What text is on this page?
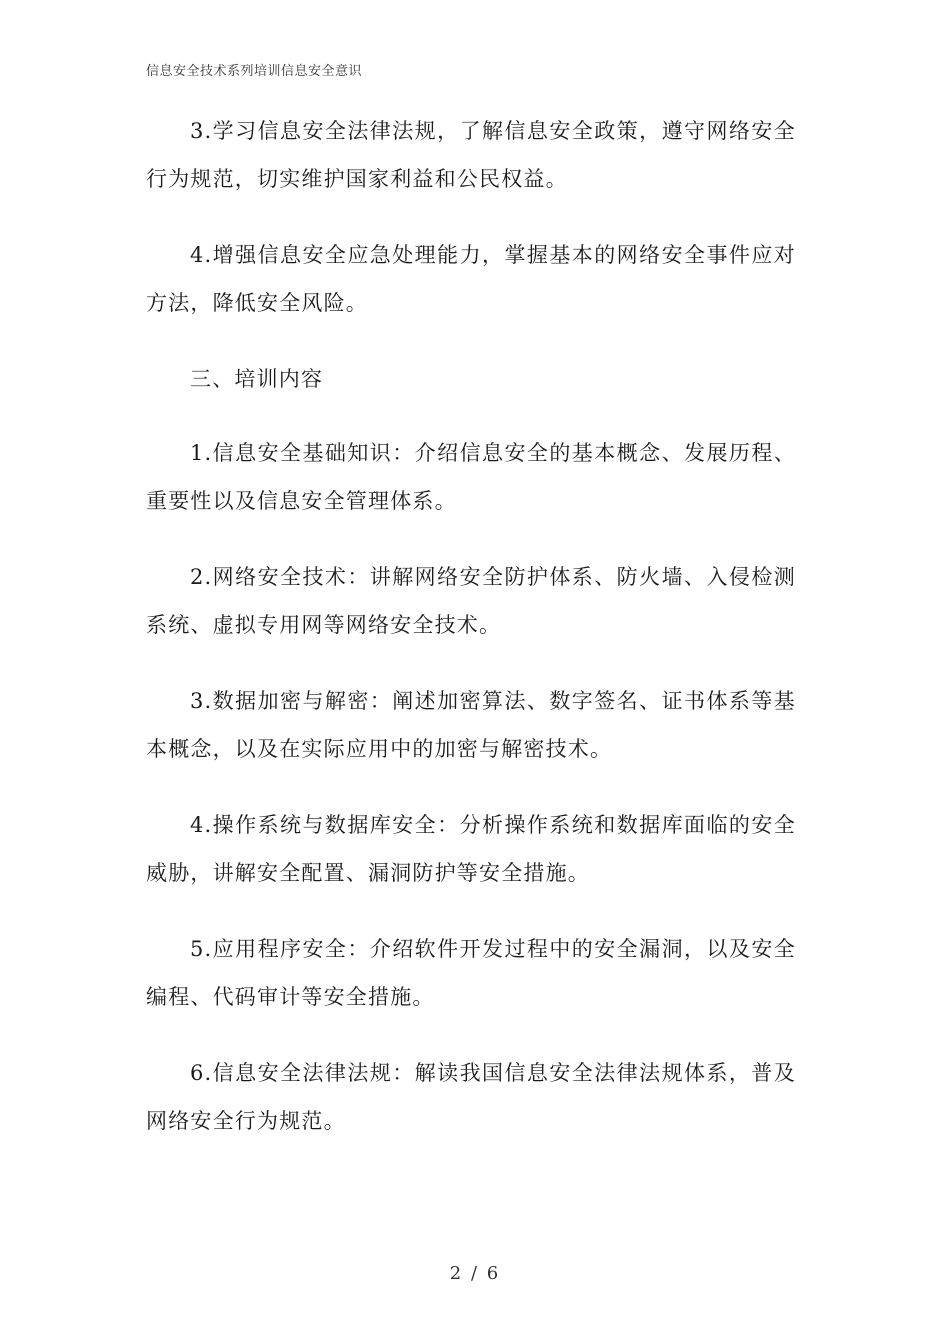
信息安全技术系列培训信息安全意识

3.学习信息安全法律法规，了解信息安全政策，遵守网络安全行为规范，切实维护国家利益和公民权益。

4.增强信息安全应急处理能力，掌握基本的网络安全事件应对方法，降低安全风险。

三、培训内容

1.信息安全基础知识：介绍信息安全的基本概念、发展历程、重要性以及信息安全管理体系。

2.网络安全技术：讲解网络安全防护体系、防火墙、入侵检测系统、虚拟专用网等网络安全技术。

3.数据加密与解密：阐述加密算法、数字签名、证书体系等基本概念，以及在实际应用中的加密与解密技术。

4.操作系统与数据库安全：分析操作系统和数据库面临的安全威胁，讲解安全配置、漏洞防护等安全措施。

5.应用程序安全：介绍软件开发过程中的安全漏洞，以及安全编程、代码审计等安全措施。

6.信息安全法律法规：解读我国信息安全法律法规体系，普及网络安全行为规范。

2 / 6
